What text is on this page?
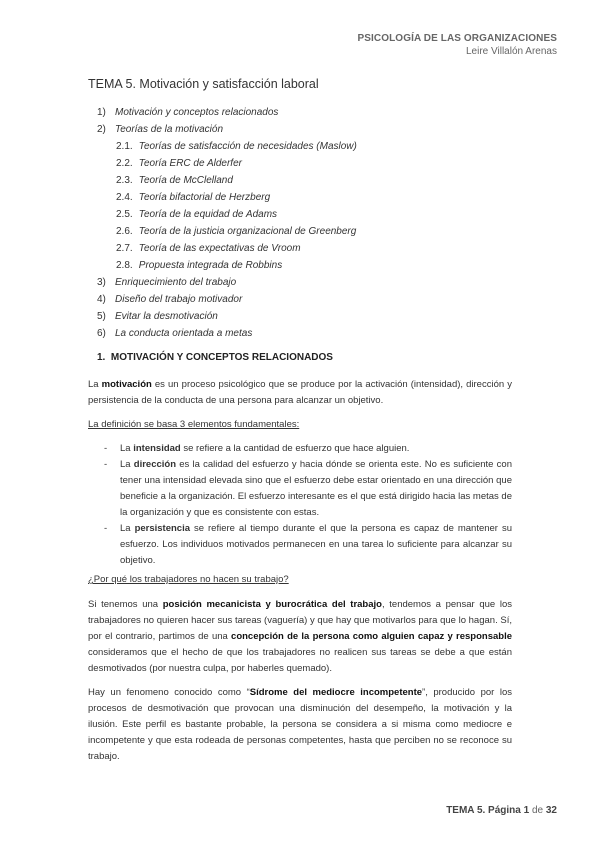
PSICOLOGÍA DE LAS ORGANIZACIONES
Leire Villalón Arenas
TEMA 5. Motivación y satisfacción laboral
1) Motivación y conceptos relacionados
2) Teorías de la motivación
2.1. Teorías de satisfacción de necesidades (Maslow)
2.2. Teoría ERC de Alderfer
2.3. Teoría de McClelland
2.4. Teoría bifactorial de Herzberg
2.5. Teoría de la equidad de Adams
2.6. Teoría de la justicia organizacional de Greenberg
2.7. Teoría de las expectativas de Vroom
2.8. Propuesta integrada de Robbins
3) Enriquecimiento del trabajo
4) Diseño del trabajo motivador
5) Evitar la desmotivación
6) La conducta orientada a metas
1. MOTIVACIÓN Y CONCEPTOS RELACIONADOS
La motivación es un proceso psicológico que se produce por la activación (intensidad), dirección y persistencia de la conducta de una persona para alcanzar un objetivo.
La definición se basa 3 elementos fundamentales:
- La intensidad se refiere a la cantidad de esfuerzo que hace alguien.
- La dirección es la calidad del esfuerzo y hacia dónde se orienta este. No es suficiente con tener una intensidad elevada sino que el esfuerzo debe estar orientado en una dirección que beneficie a la organización. El esfuerzo interesante es el que está dirigido hacia las metas de la organización y que es consistente con estas.
- La persistencia se refiere al tiempo durante el que la persona es capaz de mantener su esfuerzo. Los individuos motivados permanecen en una tarea lo suficiente para alcanzar su objetivo.
¿Por qué los trabajadores no hacen su trabajo?
Si tenemos una posición mecanicista y burocrática del trabajo, tendemos a pensar que los trabajadores no quieren hacer sus tareas (vaguería) y que hay que motivarlos para que lo hagan. Sí, por el contrario, partimos de una concepción de la persona como alguien capaz y responsable consideramos que el hecho de que los trabajadores no realicen sus tareas se debe a que están desmotivados (por nuestra culpa, por haberles quemado).
Hay un fenomeno conocido como “Sídrome del mediocre incompetente”, producido por los procesos de desmotivación que provocan una disminución del desempeño, la motivación y la ilusión. Este perfil es bastante probable, la persona se considera a si misma como mediocre e incompetente y que esta rodeada de personas competentes, hasta que perciben no se reconoce su trabajo.
TEMA 5. Página 1 de 32
